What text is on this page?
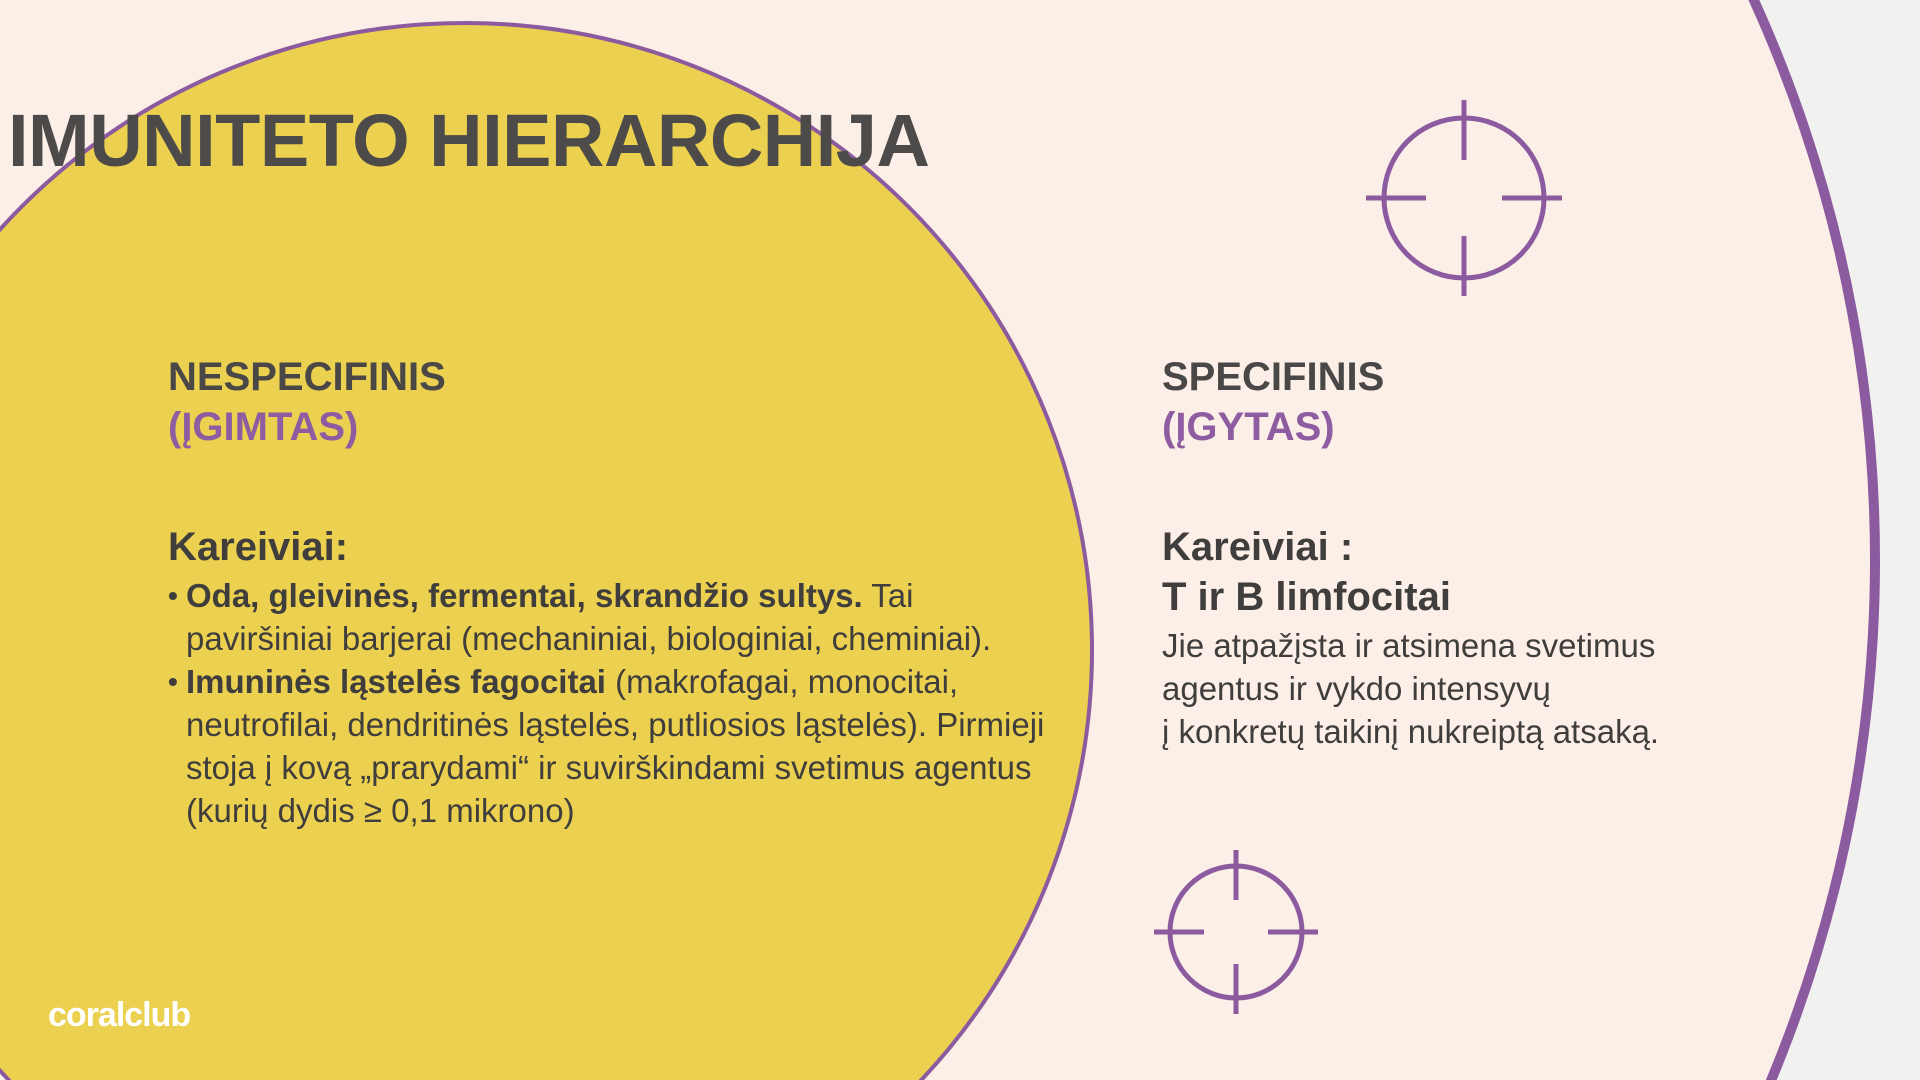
IMUNITETO HIERARCHIJA
NESPECIFINIS
(ĮGIMTAS)
Kareiviai:
• Oda, gleivinės, fermentai, skrandžio sultys. Tai paviršiniai barjerai (mechaniniai, biologiniai, cheminiai).
• Imuninės ląstelės fagocitai (makrofagai, monocitai, neutrofilai, dendritinės ląstelės, putliosios ląstelės). Pirmieji stoja į kovą „prarydami“ ir suvirškindami svetimus agentus (kurių dydis ≥ 0,1 mikrono)
SPECIFINIS
(ĮGYTAS)
Kareiviai :
T ir B limfocitai
Jie atpažįsta ir atsimena svetimus
agentus ir vykdo intensyvų
į konkretų taikinį nukreiptą atsaką.
coralclub
